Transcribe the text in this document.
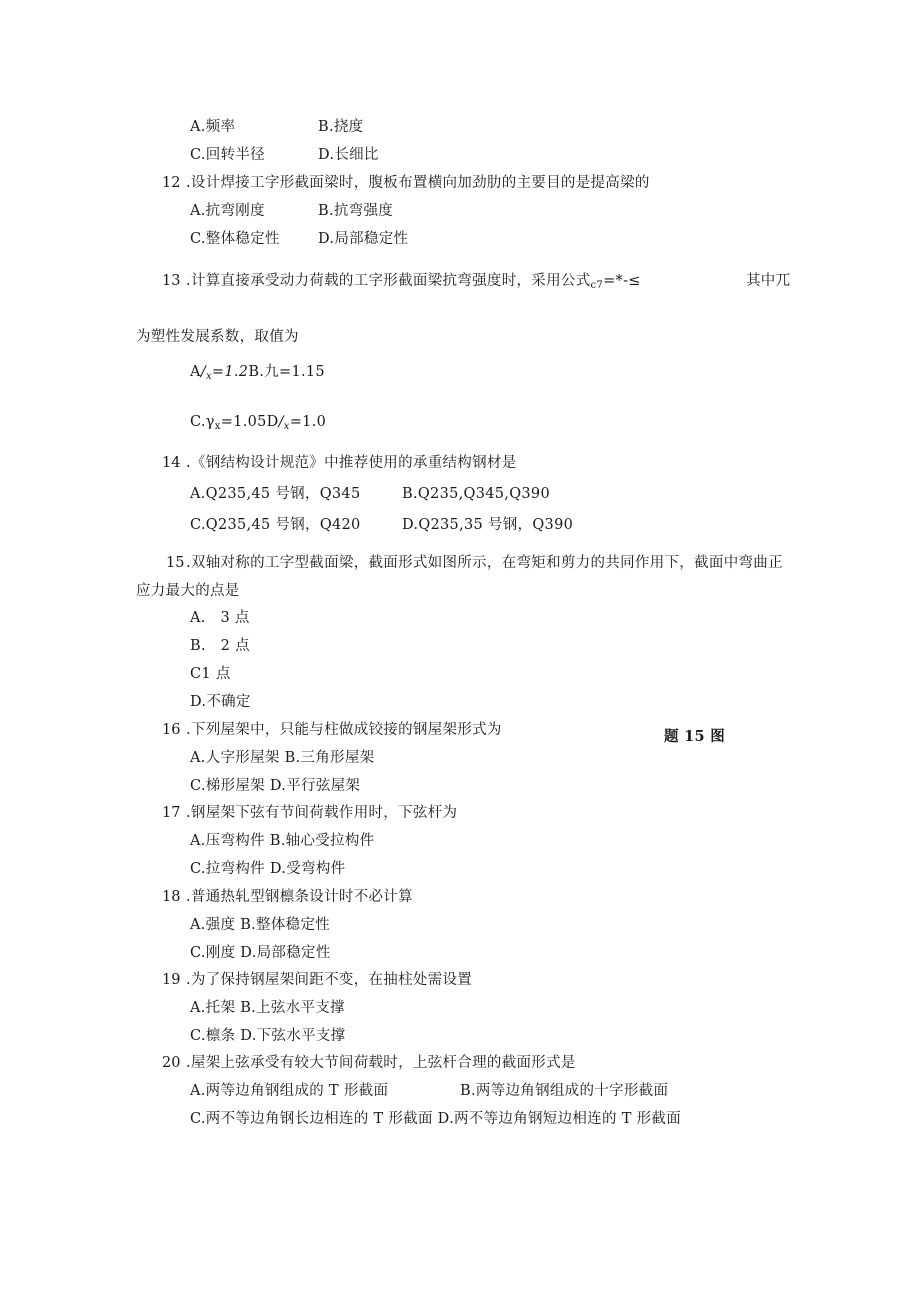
A.频率	B.挠度
C.回转半径	D.长细比
12 .设计焊接工字形截面梁时，腹板布置横向加劲肋的主要目的是提高梁的
A.抗弯刚度	B.抗弯强度
C.整体稳定性	D.局部稳定性
13 .计算直接承受动力荷载的工字形截面梁抗弯强度时，采用公式$_{c7}$=*-≤	其中兀
为塑性发展系数，取值为
$A∕_x=1.2B$.九=1.15
$C.\gamma_x=1.05D∕_x=1.0$
14 .《钢结构设计规范》中推荐使用的承重结构钢材是
A.Q235,45 号钢，Q345	B.Q235,Q345,Q390
C.Q235,45 号钢，Q420	D.Q235,35 号钢，Q390
15 .双轴对称的工字型截面梁，截面形式如图所示，在弯矩和剪力的共同作用下，截面中弯曲正
应力最大的点是
A.　3 点
B.　2 点
C1 点
D.不确定
题 15 图
16 .下列屋架中，只能与柱做成铰接的钢屋架形式为
A.人字形屋架 B.三角形屋架
C.梯形屋架 D.平行弦屋架
17 .钢屋架下弦有节间荷载作用时，下弦杆为
A.压弯构件 B.轴心受拉构件
C.拉弯构件 D.受弯构件
18 .普通热轧型钢檩条设计时不必计算
A.强度 B.整体稳定性
C.刚度 D.局部稳定性
19 .为了保持钢屋架间距不变，在抽柱处需设置
A.托架 B.上弦水平支撑
C.檩条 D.下弦水平支撑
20 .屋架上弦承受有较大节间荷载时，上弦杆合理的截面形式是
A.两等边角钢组成的 T 形截面	B.两等边角钢组成的十字形截面
C.两不等边角钢长边相连的 T 形截面 D.两不等边角钢短边相连的 T 形截面
